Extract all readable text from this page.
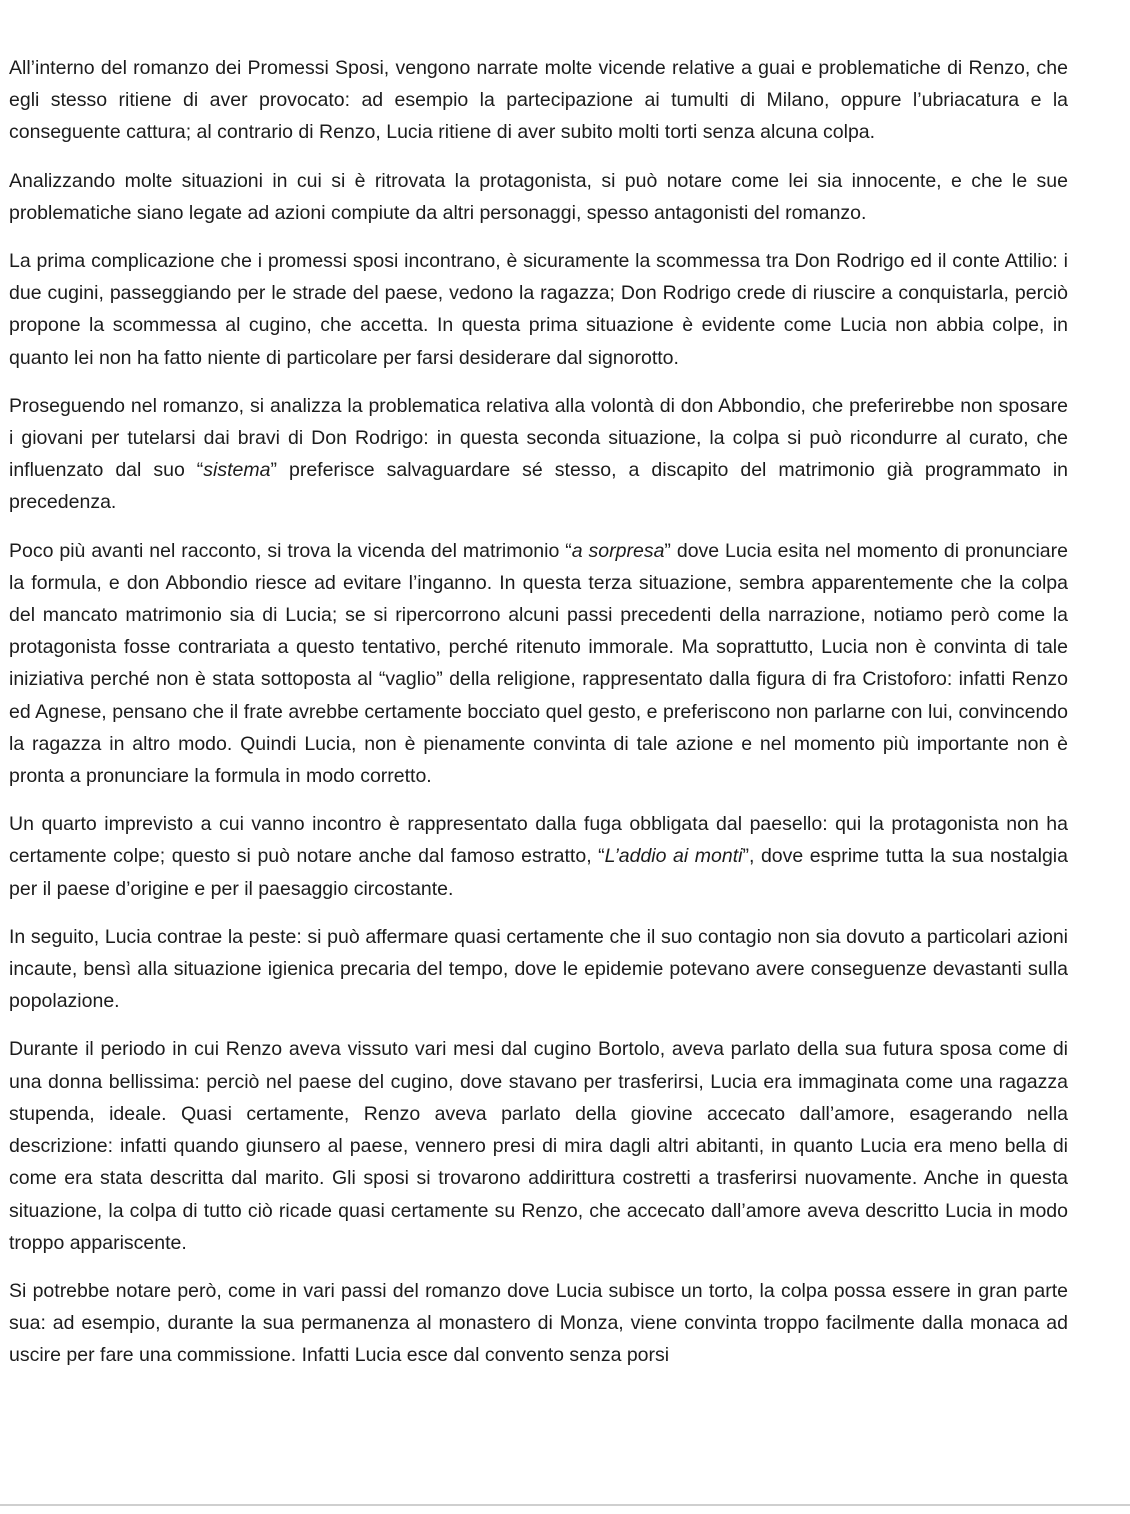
All’interno del romanzo dei Promessi Sposi, vengono narrate molte vicende relative a guai e problematiche di Renzo, che egli stesso ritiene di aver provocato: ad esempio la partecipazione ai tumulti di Milano, oppure l’ubriacatura e la conseguente cattura; al contrario di Renzo, Lucia ritiene di aver subito molti torti senza alcuna colpa.

Analizzando molte situazioni in cui si è ritrovata la protagonista, si può notare come lei sia innocente, e che le sue problematiche siano legate ad azioni compiute da altri personaggi, spesso antagonisti del romanzo.

La prima complicazione che i promessi sposi incontrano, è sicuramente la scommessa tra Don Rodrigo ed il conte Attilio: i due cugini, passeggiando per le strade del paese, vedono la ragazza; Don Rodrigo crede di riuscire a conquistarla, perciò propone la scommessa al cugino, che accetta. In questa prima situazione è evidente come Lucia non abbia colpe, in quanto lei non ha fatto niente di particolare per farsi desiderare dal signorotto.

Proseguendo nel romanzo, si analizza la problematica relativa alla volontà di don Abbondio, che preferirebbe non sposare i giovani per tutelarsi dai bravi di Don Rodrigo: in questa seconda situazione, la colpa si può ricondurre al curato, che influenzato dal suo “sistema” preferisce salvaguardare sé stesso, a discapito del matrimonio già programmato in precedenza.

Poco più avanti nel racconto, si trova la vicenda del matrimonio “a sorpresa” dove Lucia esita nel momento di pronunciare la formula, e don Abbondio riesce ad evitare l’inganno. In questa terza situazione, sembra apparentemente che la colpa del mancato matrimonio sia di Lucia; se si ripercorrono alcuni passi precedenti della narrazione, notiamo però come la protagonista fosse contrariata a questo tentativo, perché ritenuto immorale. Ma soprattutto, Lucia non è convinta di tale iniziativa perché non è stata sottoposta al “vaglio” della religione, rappresentato dalla figura di fra Cristoforo: infatti Renzo ed Agnese, pensano che il frate avrebbe certamente bocciato quel gesto, e preferiscono non parlarne con lui, convincendo la ragazza in altro modo. Quindi Lucia, non è pienamente convinta di tale azione e nel momento più importante non è pronta a pronunciare la formula in modo corretto.

Un quarto imprevisto a cui vanno incontro è rappresentato dalla fuga obbligata dal paesello: qui la protagonista non ha certamente colpe; questo si può notare anche dal famoso estratto, “L’addio ai monti”, dove esprime tutta la sua nostalgia per il paese d’origine e per il paesaggio circostante.

In seguito, Lucia contrae la peste: si può affermare quasi certamente che il suo contagio non sia dovuto a particolari azioni incaute, bensì alla situazione igienica precaria del tempo, dove le epidemie potevano avere conseguenze devastanti sulla popolazione.

Durante il periodo in cui Renzo aveva vissuto vari mesi dal cugino Bortolo, aveva parlato della sua futura sposa come di una donna bellissima: perciò nel paese del cugino, dove stavano per trasferirsi, Lucia era immaginata come una ragazza stupenda, ideale. Quasi certamente, Renzo aveva parlato della giovine accecato dall’amore, esagerando nella descrizione: infatti quando giunsero al paese, vennero presi di mira dagli altri abitanti, in quanto Lucia era meno bella di come era stata descritta dal marito. Gli sposi si trovarono addirittura costretti a trasferirsi nuovamente. Anche in questa situazione, la colpa di tutto ciò ricade quasi certamente su Renzo, che accecato dall’amore aveva descritto Lucia in modo troppo appariscente.

Si potrebbe notare però, come in vari passi del romanzo dove Lucia subisce un torto, la colpa possa essere in gran parte sua: ad esempio, durante la sua permanenza al monastero di Monza, viene convinta troppo facilmente dalla monaca ad uscire per fare una commissione. Infatti Lucia esce dal convento senza porsi
